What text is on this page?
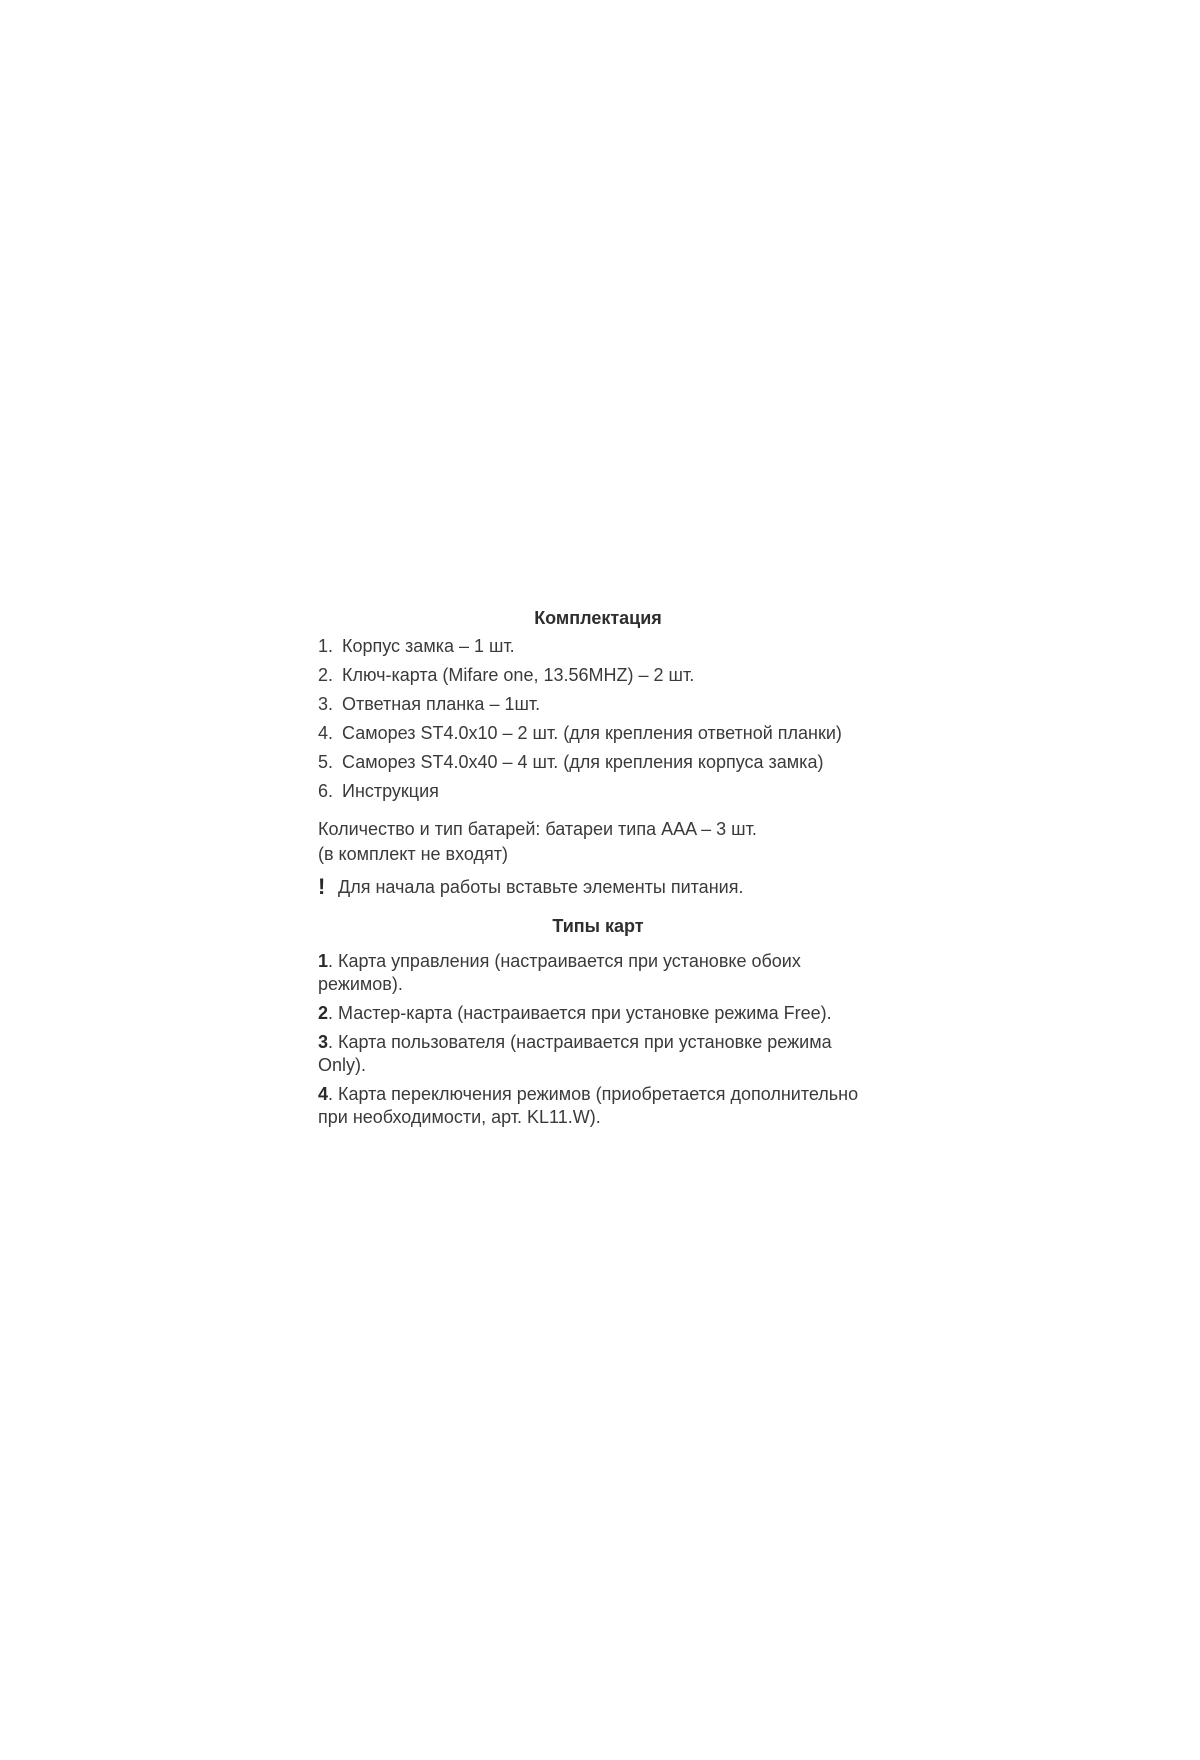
Комплектация
1. Корпус замка – 1 шт.
2. Ключ-карта (Mifare one, 13.56MHZ) – 2 шт.
3. Ответная планка – 1шт.
4. Саморез ST4.0x10 – 2 шт. (для крепления ответной планки)
5. Саморез ST4.0x40 – 4 шт. (для крепления корпуса замка)
6. Инструкция

Количество и тип батарей: батареи типа AAA – 3 шт.

(в комплект не входят)

! Для начала работы вставьте элементы питания.
Типы карт
1. Карта управления (настраивается при установке обоих режимов).
2. Мастер-карта (настраивается при установке режима Free).
3. Карта пользователя (настраивается при установке режима Only).
4. Карта переключения режимов (приобретается дополнительно при необходимости, арт. KL11.W).
